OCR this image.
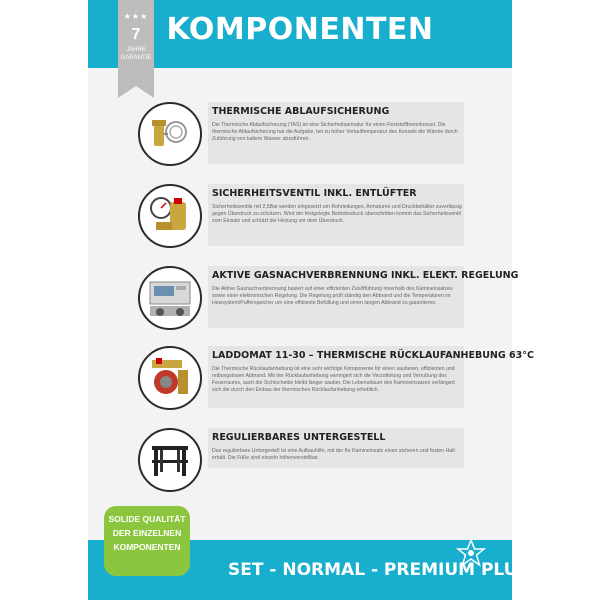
KOMPONENTEN
★★★
7
JAHRE
GARANTIE
THERMISCHE ABLAUFSICHERUNG
Die Thermische Ablaufsicherung (TAS) ist eine Sicherheitsarmatur für einen Feststoffbrennkessel. Die thermische Ablaufsicherung hat die Aufgabe, bei zu hoher Vorlauftemperatur des Kessels die Wärme durch Zuführung von kaltem Wasser abzuführen.
SICHERHEITSVENTIL INKL. ENTLÜFTER
Sicherheitsventile mit 2,5Bar werden eingesetzt um Rohrleitungen, Armaturen und Druckbehälter zuverlässig gegen Überdruck zu schützen. Wird der festgelegte Betriebsdruck überschritten kommt das Sicherheitsventil zum Einsatz und schützt die Heizung vor dem Überdruck.
AKTIVE GASNACHVERBRENNUNG INKL. ELEKT. REGELUNG
Die Aktive Gasnachverbrennung basiert auf einer effizienten Zuluftführung innerhalb des Kamineinsatzes sowie einer elektronischen Regelung. Die Regelung prüft ständig den Abbrand und die Temperaturen im Heizsystem/Pufferspeicher um eine effiziente Befüllung und einen langen Abbrand zu garantieren.
LADDOMAT 11-30 – THERMISCHE RÜCKLAUFANHEBUNG 63°C
Die Thermische Rücklaufanhebung ist eine sehr wichtige Komponente für einen sauberen, effizienten und reibungslosen Abbrand. Mit der Rücklaufanhebung verringert sich die Verzottelung und Verrußung des Feuerraums, auch die Sichtscheibe bleibt länger sauber. Die Lebensdauer des Kamineinsatzes verlängert sich die durch den Einbau der thermischen Rücklaufanhebung erheblich.
REGULIERBARES UNTERGESTELL
Das regulierbare Untergestell ist eine Aufbauhilfe, mit der Ihr Kamineinsatz einen sicheren und festen Halt erhält. Die Füße sind einzeln höhenverstellbar.
SET - NORMAL - PREMIUM PLUS
SOLIDE QUALITÄT
DER EINZELNEN
KOMPONENTEN
